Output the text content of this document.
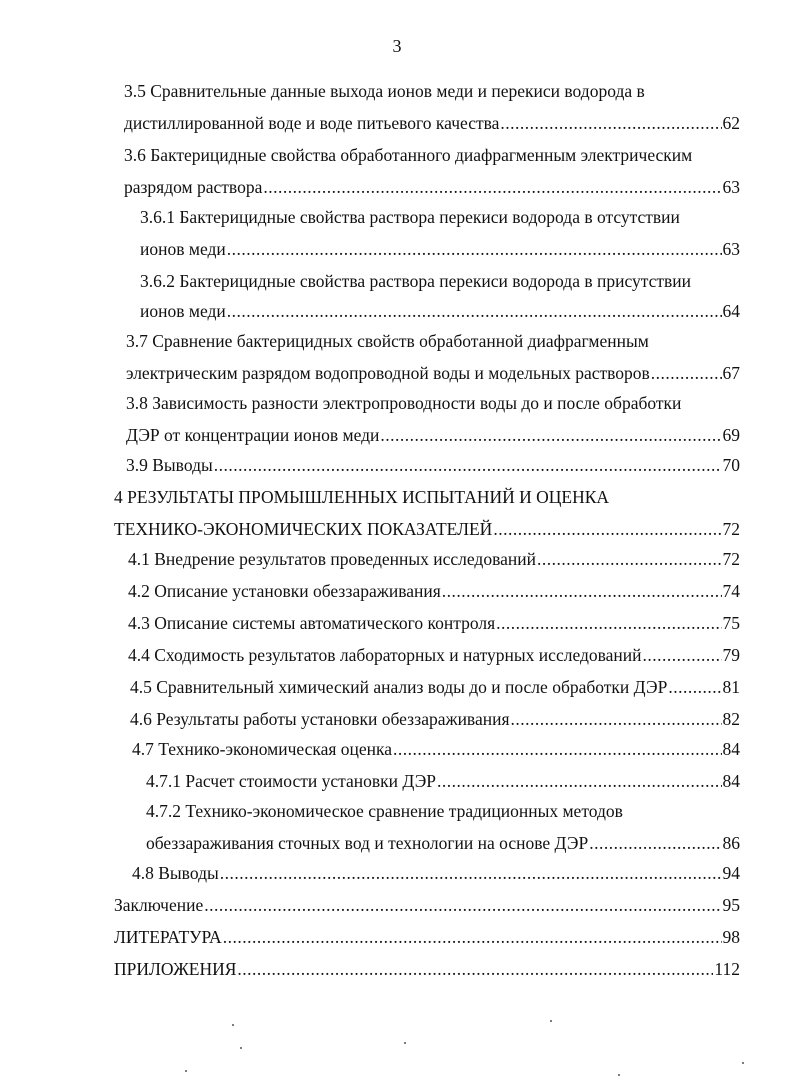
3
3.5 Сравнительные данные выхода ионов меди и перекиси водорода в
дистиллированной воде и воде питьевого качества .....	62
3.6 Бактерицидные свойства обработанного диафрагменным электрическим
разрядом раствора .....	63
3.6.1 Бактерицидные свойства раствора перекиси водорода в отсутствии
ионов меди .....	63
3.6.2 Бактерицидные свойства раствора перекиси водорода в присутствии
ионов меди .....	64
3.7 Сравнение бактерицидных свойств обработанной диафрагменным
электрическим разрядом водопроводной воды и модельных растворов .....	67
3.8 Зависимость разности электропроводности воды до и после обработки
ДЭР от концентрации ионов меди .....	69
3.9 Выводы .....	70
4 РЕЗУЛЬТАТЫ ПРОМЫШЛЕННЫХ ИСПЫТАНИЙ И ОЦЕНКА
ТЕХНИКО-ЭКОНОМИЧЕСКИХ ПОКАЗАТЕЛЕЙ .....	72
4.1 Внедрение результатов проведенных исследований .....	72
4.2 Описание установки обеззараживания .....	74
4.3 Описание системы автоматического контроля .....	75
4.4 Сходимость результатов лабораторных и натурных исследований .....	79
4.5 Сравнительный химический анализ воды до и после обработки ДЭР .....	81
4.6 Результаты работы установки обеззараживания .....	82
4.7 Технико-экономическая оценка .....	84
4.7.1 Расчет стоимости установки ДЭР .....	84
4.7.2 Технико-экономическое сравнение традиционных методов
обеззараживания сточных вод и технологии на основе ДЭР .....	86
4.8 Выводы .....	94
Заключение .....	95
ЛИТЕРАТУРА .....	98
ПРИЛОЖЕНИЯ .....	112
